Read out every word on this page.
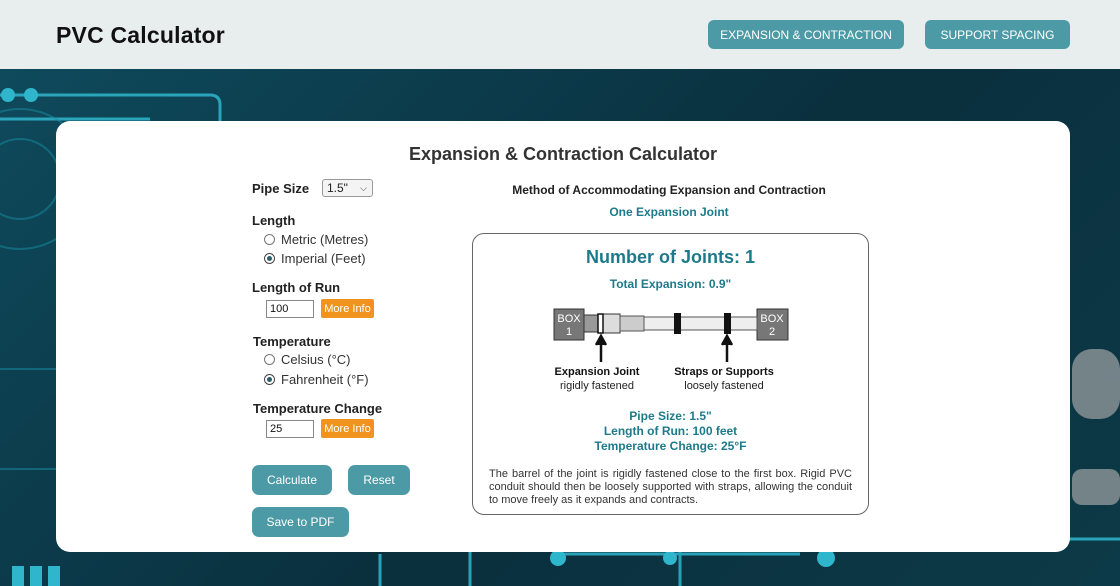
PVC Calculator	EXPANSION & CONTRACTION	SUPPORT SPACING
Expansion & Contraction Calculator
Pipe Size 1.5" ⌵
Length
Metric (Metres)
Imperial (Feet)
Length of Run
100	More Info
Temperature
Celsius (°C)
Fahrenheit (°F)
Temperature Change
25	More Info
Calculate	Reset
Save to PDF
Method of Accommodating Expansion and Contraction
One Expansion Joint
Number of Joints: 1
Total Expansion: 0.9"
BOX
1
BOX
2
Expansion Joint
rigidly fastened
Straps or Supports
loosely fastened
Pipe Size: 1.5"
Length of Run: 100 feet
Temperature Change: 25°F
The barrel of the joint is rigidly fastened close to the first box. Rigid PVC conduit should then be loosely supported with straps, allowing the conduit to move freely as it expands and contracts.
